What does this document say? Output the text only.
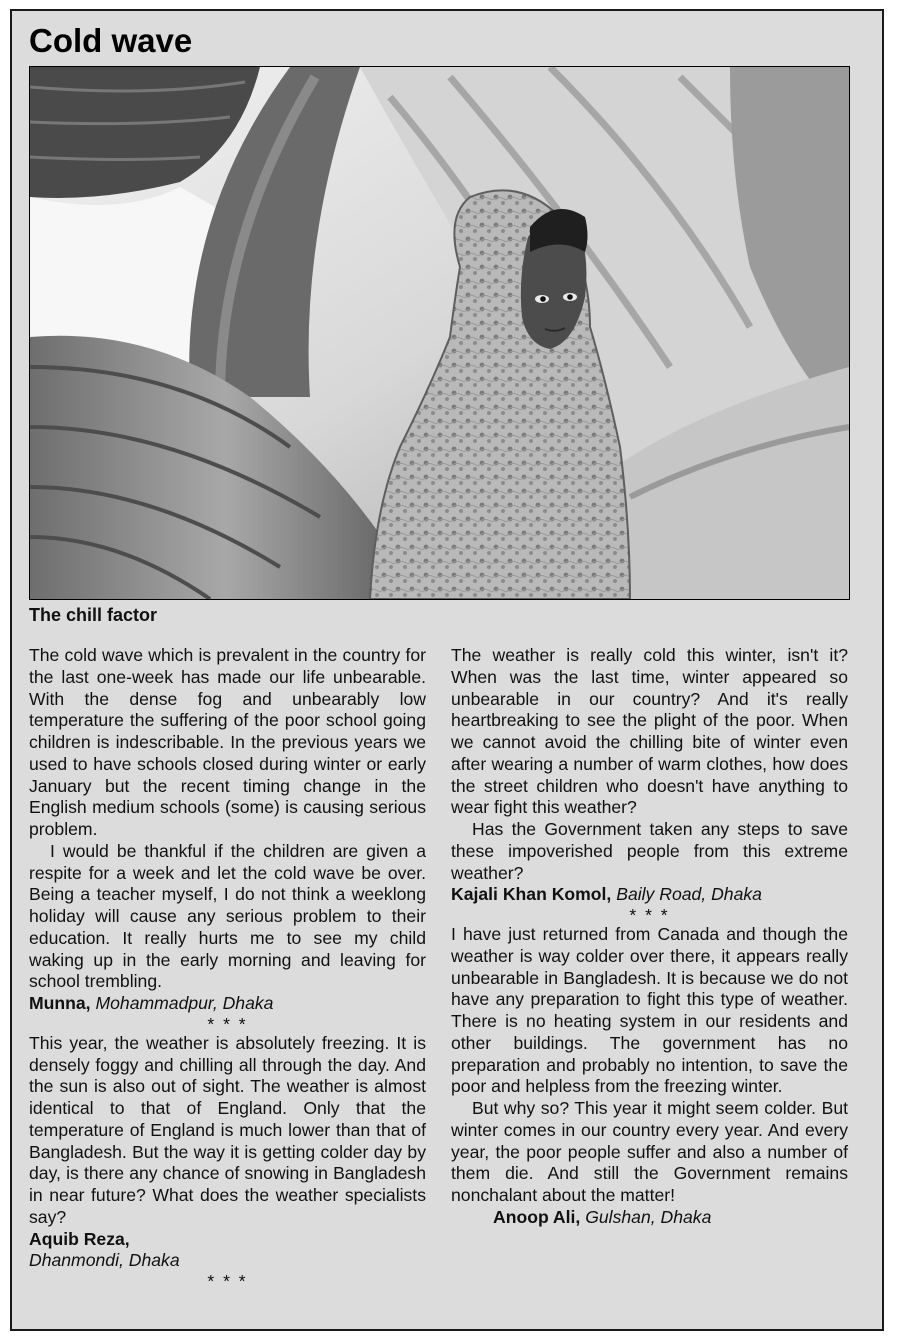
Cold wave

The chill factor

The cold wave which is prevalent in the country for the last one-week has made our life unbearable. With the dense fog and unbearably low temperature the suffering of the poor school going children is indescribable. In the previous years we used to have schools closed during winter or early January but the recent timing change in the English medium schools (some) is causing serious problem.

I would be thankful if the children are given a respite for a week and let the cold wave be over. Being a teacher myself, I do not think a weeklong holiday will cause any serious problem to their education. It really hurts me to see my child waking up in the early morning and leaving for school trembling.

Munna, Mohammadpur, Dhaka

* * *

This year, the weather is absolutely freezing. It is densely foggy and chilling all through the day. And the sun is also out of sight. The weather is almost identical to that of England. Only that the temperature of England is much lower than that of Bangladesh. But the way it is getting colder day by day, is there any chance of snowing in Bangladesh in near future? What does the weather specialists say?

Aquib Reza,

Dhanmondi, Dhaka

* * *

The weather is really cold this winter, isn't it? When was the last time, winter appeared so unbearable in our country? And it's really heartbreaking to see the plight of the poor. When we cannot avoid the chilling bite of winter even after wearing a number of warm clothes, how does the street children who doesn't have anything to wear fight this weather?

Has the Government taken any steps to save these impoverished people from this extreme weather?

Kajali Khan Komol, Baily Road, Dhaka

* * *

I have just returned from Canada and though the weather is way colder over there, it appears really unbearable in Bangladesh. It is because we do not have any preparation to fight this type of weather. There is no heating system in our residents and other buildings. The government has no preparation and probably no intention, to save the poor and helpless from the freezing winter.

But why so? This year it might seem colder. But winter comes in our country every year. And every year, the poor people suffer and also a number of them die. And still the Government remains nonchalant about the matter!

Anoop Ali, Gulshan, Dhaka
